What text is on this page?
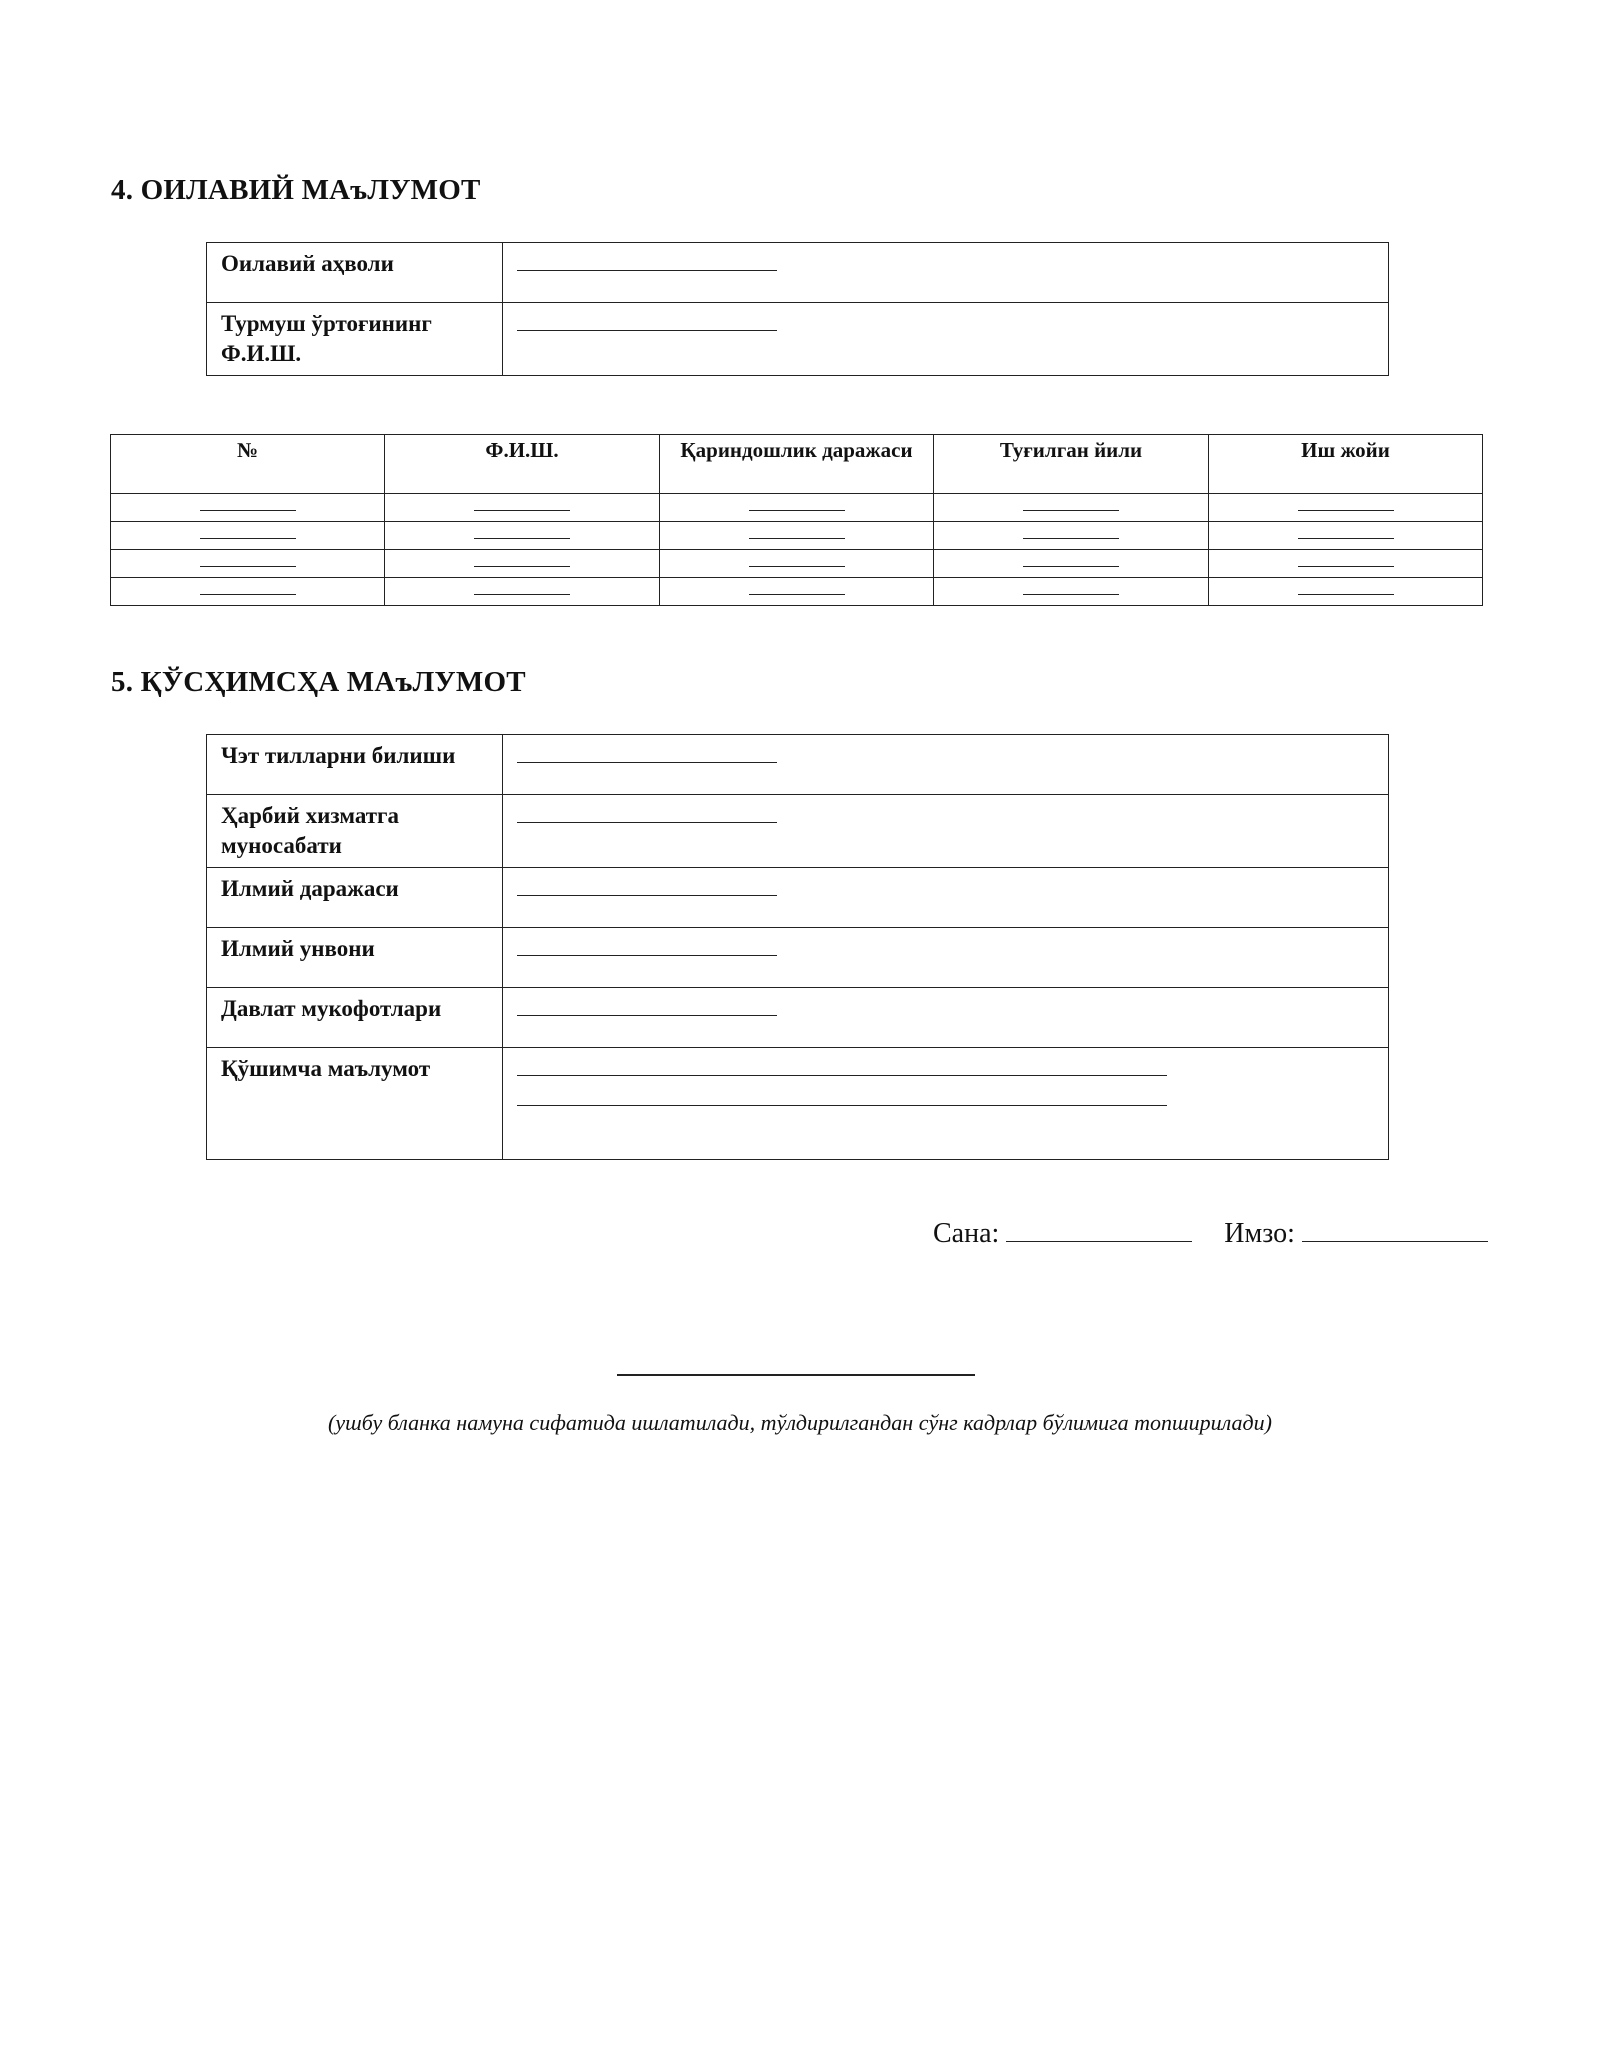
4. ОИЛАВИЙ МАъЛУМОТ
Оилавий аҳволи	

Турмуш ўртоғининг Ф.И.Ш.	
№	Ф.И.Ш.	Қариндошлик даражаси	Туғилган йили	Иш жойи

5. ҚЎСҲИМСҲА МАъЛУМОТ
Чэт тилларни билиши	

Ҳарбий хизматга муносабати	

Илмий даражаси	

Илмий унвони	

Давлат мукофотлари	

Қўшимча маълумот	
Сана:	Имзо:
(ушбу бланка намуна сифатида ишлатилади, тўлдирилгандан сўнг кадрлар бўлимига топширилади)
